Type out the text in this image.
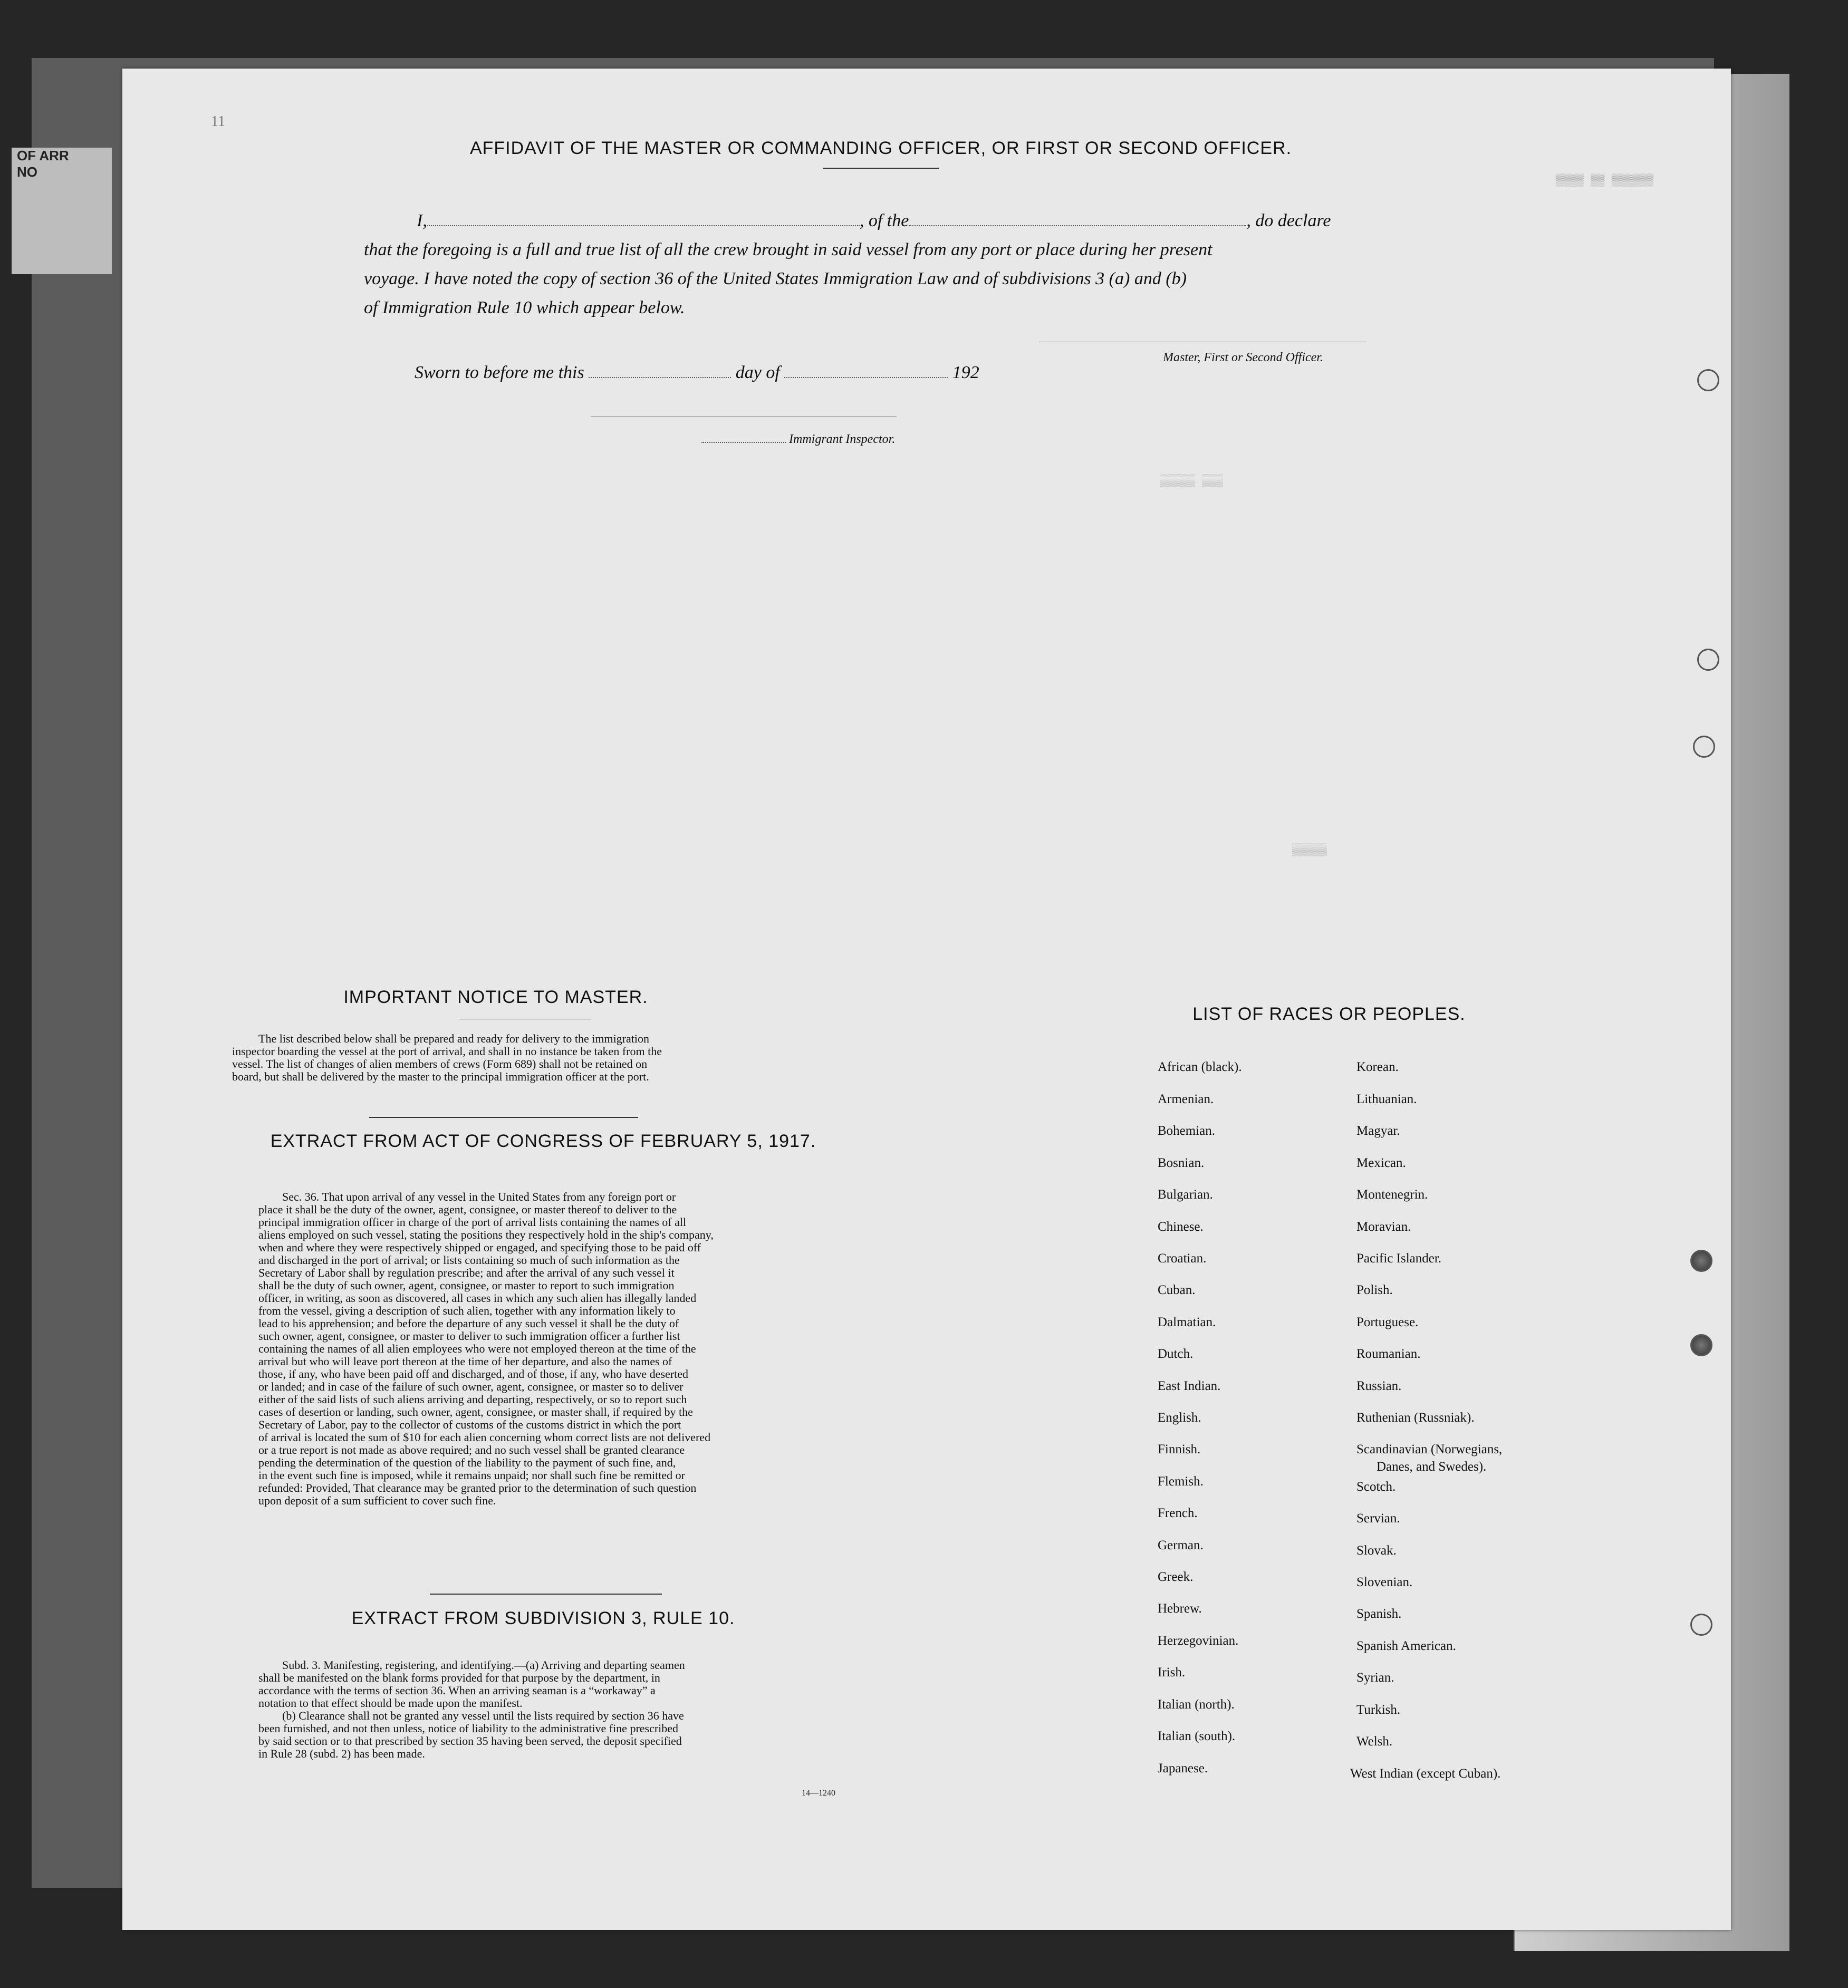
OF ARR
NO
11
▒▒▒▒ ▒▒ ▒▒▒▒▒▒
▒▒▒▒▒ ▒▒▒
▒▒▒▒▒
AFFIDAVIT OF THE MASTER OR COMMANDING OFFICER, OR FIRST OR SECOND OFFICER.
I,	, of the	, do declare
that the foregoing is a full and true list of all the crew brought in said vessel from any port or place during her present
voyage. I have noted the copy of section 36 of the United States Immigration Law and of subdivisions 3 (a) and (b)
of Immigration Rule 10 which appear below.
Master, First or Second Officer.
Sworn to before me this	day of	192
Immigrant Inspector.
IMPORTANT NOTICE TO MASTER.
The list described below shall be prepared and ready for delivery to the immigration
inspector boarding the vessel at the port of arrival, and shall in no instance be taken from the
vessel. The list of changes of alien members of crews (Form 689) shall not be retained on
board, but shall be delivered by the master to the principal immigration officer at the port.
EXTRACT FROM ACT OF CONGRESS OF FEBRUARY 5, 1917.
Sec. 36. That upon arrival of any vessel in the United States from any foreign port or
place it shall be the duty of the owner, agent, consignee, or master thereof to deliver to the
principal immigration officer in charge of the port of arrival lists containing the names of all
aliens employed on such vessel, stating the positions they respectively hold in the ship's company,
when and where they were respectively shipped or engaged, and specifying those to be paid off
and discharged in the port of arrival; or lists containing so much of such information as the
Secretary of Labor shall by regulation prescribe; and after the arrival of any such vessel it
shall be the duty of such owner, agent, consignee, or master to report to such immigration
officer, in writing, as soon as discovered, all cases in which any such alien has illegally landed
from the vessel, giving a description of such alien, together with any information likely to
lead to his apprehension; and before the departure of any such vessel it shall be the duty of
such owner, agent, consignee, or master to deliver to such immigration officer a further list
containing the names of all alien employees who were not employed thereon at the time of the
arrival but who will leave port thereon at the time of her departure, and also the names of
those, if any, who have been paid off and discharged, and of those, if any, who have deserted
or landed; and in case of the failure of such owner, agent, consignee, or master so to deliver
either of the said lists of such aliens arriving and departing, respectively, or so to report such
cases of desertion or landing, such owner, agent, consignee, or master shall, if required by the
Secretary of Labor, pay to the collector of customs of the customs district in which the port
of arrival is located the sum of $10 for each alien concerning whom correct lists are not delivered
or a true report is not made as above required; and no such vessel shall be granted clearance
pending the determination of the question of the liability to the payment of such fine, and,
in the event such fine is imposed, while it remains unpaid; nor shall such fine be remitted or
refunded: Provided, That clearance may be granted prior to the determination of such question
upon deposit of a sum sufficient to cover such fine.
EXTRACT FROM SUBDIVISION 3, RULE 10.
Subd. 3. Manifesting, registering, and identifying.—(a) Arriving and departing seamen
shall be manifested on the blank forms provided for that purpose by the department, in
accordance with the terms of section 36. When an arriving seaman is a “workaway” a
notation to that effect should be made upon the manifest.
(b) Clearance shall not be granted any vessel until the lists required by section 36 have
been furnished, and not then unless, notice of liability to the administrative fine prescribed
by said section or to that prescribed by section 35 having been served, the deposit specified
in Rule 28 (subd. 2) has been made.
14—1240
LIST OF RACES OR PEOPLES.
African (black).
Armenian.
Bohemian.
Bosnian.
Bulgarian.
Chinese.
Croatian.
Cuban.
Dalmatian.
Dutch.
East Indian.
English.
Finnish.
Flemish.
French.
German.
Greek.
Hebrew.
Herzegovinian.
Irish.
Italian (north).
Italian (south).
Japanese.
Korean.
Lithuanian.
Magyar.
Mexican.
Montenegrin.
Moravian.
Pacific Islander.
Polish.
Portuguese.
Roumanian.
Russian.
Ruthenian (Russniak).
Scandinavian (Norwegians,
Danes, and Swedes).
Scotch.
Servian.
Slovak.
Slovenian.
Spanish.
Spanish American.
Syrian.
Turkish.
Welsh.
West Indian (except Cuban).
